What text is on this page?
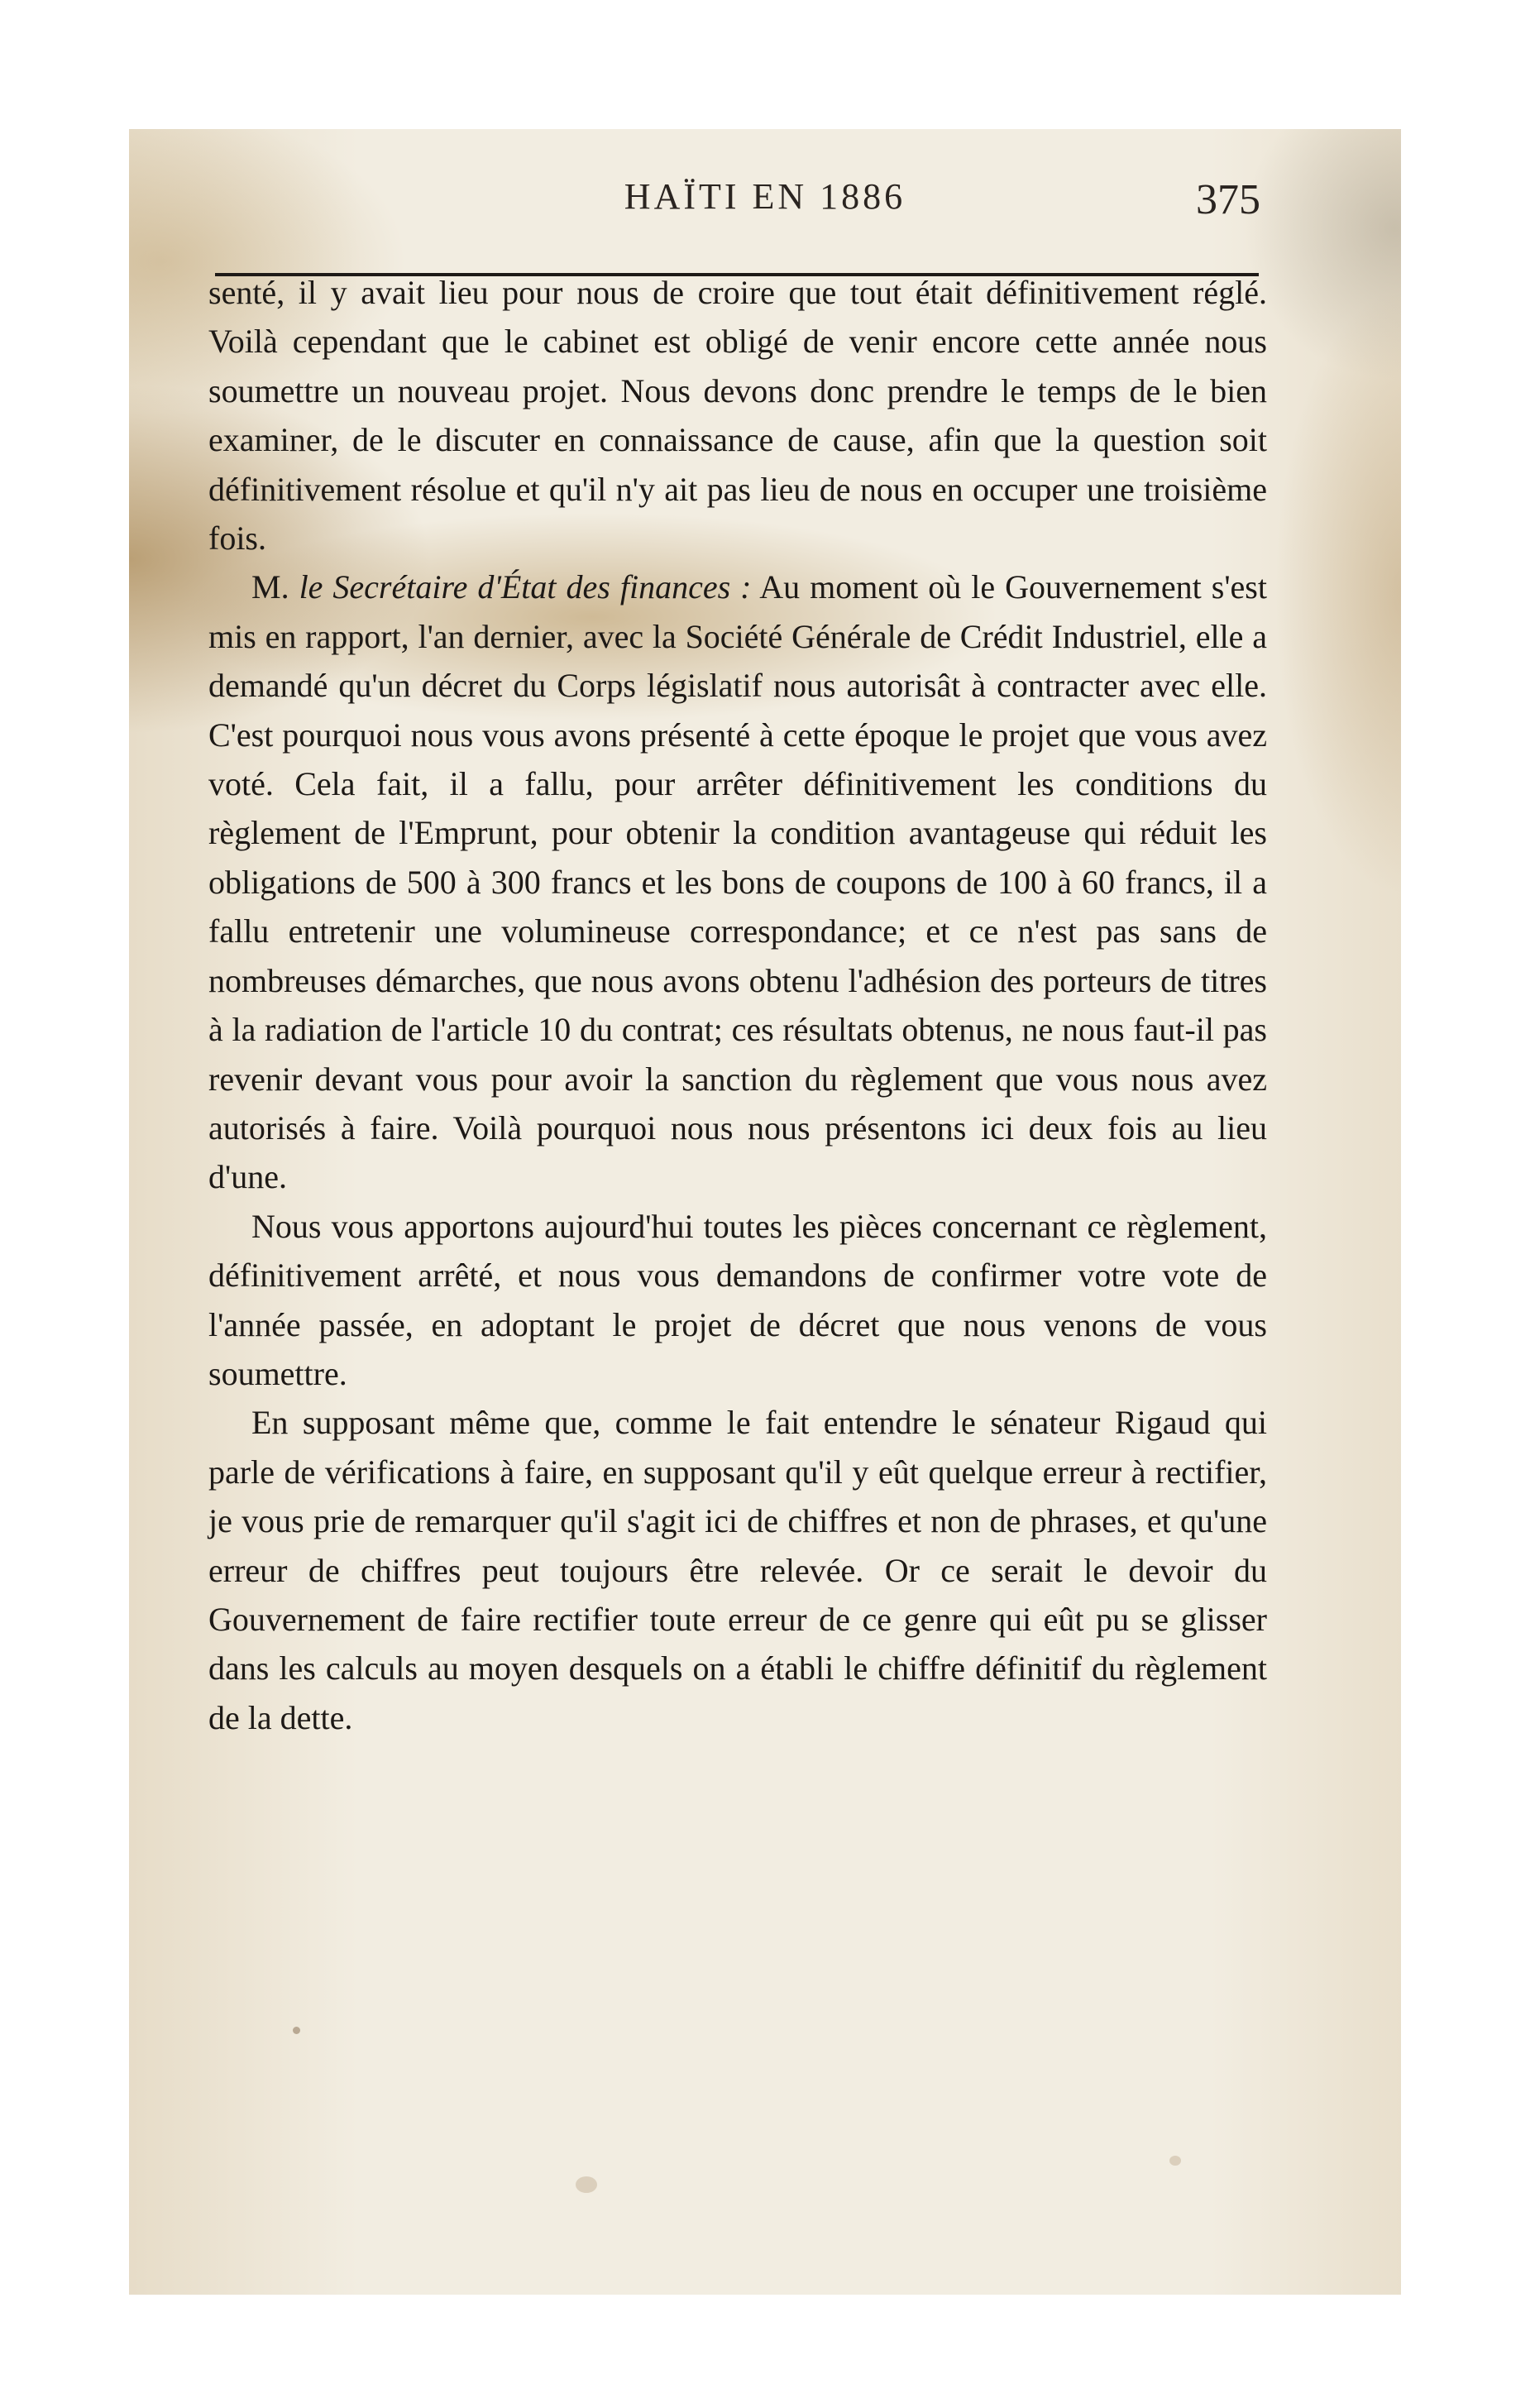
HAÏTI EN 1886	375

senté, il y avait lieu pour nous de croire que tout était définitivement réglé. Voilà cependant que le cabinet est obligé de venir encore cette année nous soumettre un nouveau projet. Nous devons donc prendre le temps de le bien examiner, de le discuter en connaissance de cause, afin que la question soit définitivement résolue et qu'il n'y ait pas lieu de nous en occuper une troisième fois.

M. le Secrétaire d'État des finances : Au moment où le Gouvernement s'est mis en rapport, l'an dernier, avec la Société Générale de Crédit Industriel, elle a demandé qu'un décret du Corps législatif nous autorisât à contracter avec elle. C'est pourquoi nous vous avons présenté à cette époque le projet que vous avez voté. Cela fait, il a fallu, pour arrêter définitivement les conditions du règlement de l'Emprunt, pour obtenir la condition avantageuse qui réduit les obligations de 500 à 300 francs et les bons de coupons de 100 à 60 francs, il a fallu entretenir une volumineuse correspondance; et ce n'est pas sans de nombreuses démarches, que nous avons obtenu l'adhésion des porteurs de titres à la radiation de l'article 10 du contrat; ces résultats obtenus, ne nous faut-il pas revenir devant vous pour avoir la sanction du règlement que vous nous avez autorisés à faire. Voilà pourquoi nous nous présentons ici deux fois au lieu d'une.

Nous vous apportons aujourd'hui toutes les pièces concernant ce règlement, définitivement arrêté, et nous vous demandons de confirmer votre vote de l'année passée, en adoptant le projet de décret que nous venons de vous soumettre.

En supposant même que, comme le fait entendre le sénateur Rigaud qui parle de vérifications à faire, en supposant qu'il y eût quelque erreur à rectifier, je vous prie de remarquer qu'il s'agit ici de chiffres et non de phrases, et qu'une erreur de chiffres peut toujours être relevée. Or ce serait le devoir du Gouvernement de faire rectifier toute erreur de ce genre qui eût pu se glisser dans les calculs au moyen desquels on a établi le chiffre définitif du règlement de la dette.
